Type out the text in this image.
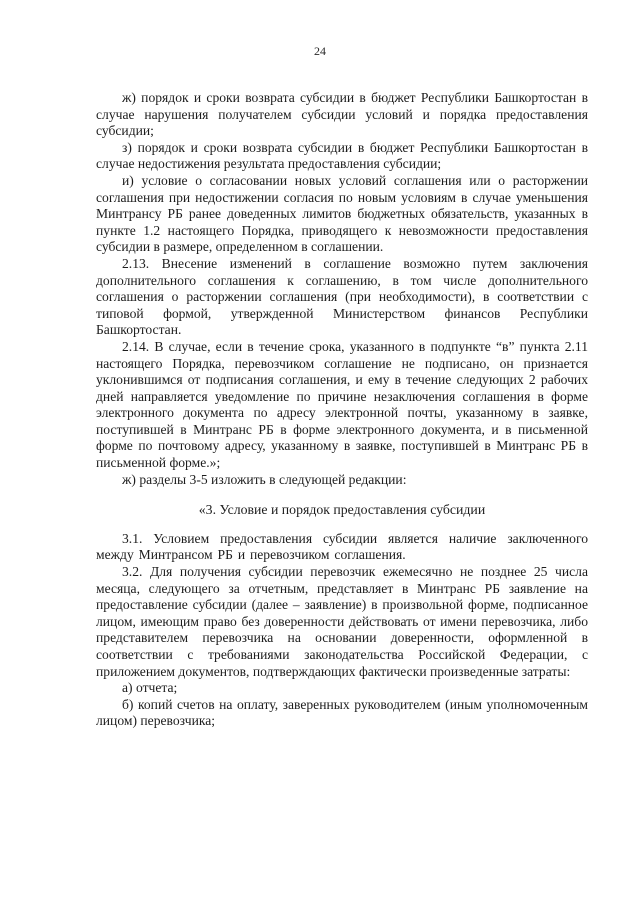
24

ж) порядок и сроки возврата субсидии в бюджет Республики Башкортостан в случае нарушения получателем субсидии условий и порядка предоставления субсидии;

з) порядок и сроки возврата субсидии в бюджет Республики Башкортостан в случае недостижения результата предоставления субсидии;

и) условие о согласовании новых условий соглашения или о расторжении соглашения при недостижении согласия по новым условиям в случае уменьшения Минтрансу РБ ранее доведенных лимитов бюджетных обязательств, указанных в пункте 1.2 настоящего Порядка, приводящего к невозможности предоставления субсидии в размере, определенном в соглашении.

2.13. Внесение изменений в соглашение возможно путем заключения дополнительного соглашения к соглашению, в том числе дополнительного соглашения о расторжении соглашения (при необходимости), в соответствии с типовой формой, утвержденной Министерством финансов Республики Башкортостан.

2.14. В случае, если в течение срока, указанного в подпункте “в” пункта 2.11 настоящего Порядка, перевозчиком соглашение не подписано, он признается уклонившимся от подписания соглашения, и ему в течение следующих 2 рабочих дней направляется уведомление по причине незаключения соглашения в форме электронного документа по адресу электронной почты, указанному в заявке, поступившей в Минтранс РБ в форме электронного документа, и в письменной форме по почтовому адресу, указанному в заявке, поступившей в Минтранс РБ в письменной форме.»;

ж) разделы 3-5 изложить в следующей редакции:

«3. Условие и порядок предоставления субсидии

3.1. Условием предоставления субсидии является наличие заключенного между Минтрансом РБ и перевозчиком соглашения.

3.2. Для получения субсидии перевозчик ежемесячно не позднее 25 числа месяца, следующего за отчетным, представляет в Минтранс РБ заявление на предоставление субсидии (далее – заявление) в произвольной форме, подписанное лицом, имеющим право без доверенности действовать от имени перевозчика, либо представителем перевозчика на основании доверенности, оформленной в соответствии с требованиями законодательства Российской Федерации, с приложением документов, подтверждающих фактически произведенные затраты:

а) отчета;

б) копий счетов на оплату, заверенных руководителем (иным уполномоченным лицом) перевозчика;
